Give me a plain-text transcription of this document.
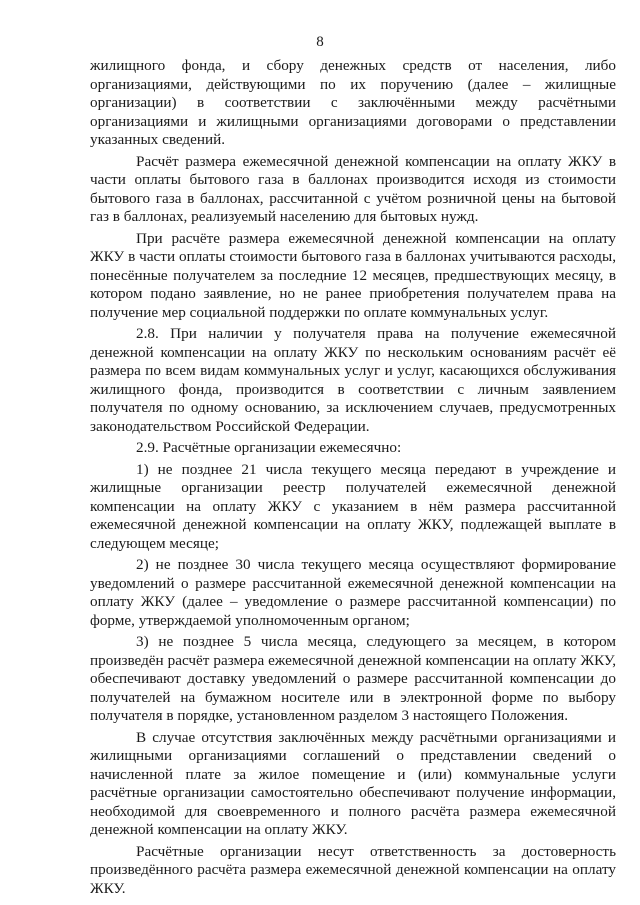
8

жилищного фонда, и сбору денежных средств от населения, либо организациями, действующими по их поручению (далее – жилищные организации) в соответствии с заключёнными между расчётными организациями и жилищными организациями договорами о представлении указанных сведений.

Расчёт размера ежемесячной денежной компенсации на оплату ЖКУ в части оплаты бытового газа в баллонах производится исходя из стоимости бытового газа в баллонах, рассчитанной с учётом розничной цены на бытовой газ в баллонах, реализуемый населению для бытовых нужд.

При расчёте размера ежемесячной денежной компенсации на оплату ЖКУ в части оплаты стоимости бытового газа в баллонах учитываются расходы, понесённые получателем за последние 12 месяцев, предшествующих месяцу, в котором подано заявление, но не ранее приобретения получателем права на получение мер социальной поддержки по оплате коммунальных услуг.

2.8. При наличии у получателя права на получение ежемесячной денежной компенсации на оплату ЖКУ по нескольким основаниям расчёт её размера по всем видам коммунальных услуг и услуг, касающихся обслуживания жилищного фонда, производится в соответствии с личным заявлением получателя по одному основанию, за исключением случаев, предусмотренных законодательством Российской Федерации.

2.9. Расчётные организации ежемесячно:

1) не позднее 21 числа текущего месяца передают в учреждение и жилищные организации реестр получателей ежемесячной денежной компенсации на оплату ЖКУ с указанием в нём размера рассчитанной ежемесячной денежной компенсации на оплату ЖКУ, подлежащей выплате в следующем месяце;

2) не позднее 30 числа текущего месяца осуществляют формирование уведомлений о размере рассчитанной ежемесячной денежной компенсации на оплату ЖКУ (далее – уведомление о размере рассчитанной компенсации) по форме, утверждаемой уполномоченным органом;

3) не позднее 5 числа месяца, следующего за месяцем, в котором произведён расчёт размера ежемесячной денежной компенсации на оплату ЖКУ, обеспечивают доставку уведомлений о размере рассчитанной компенсации до получателей на бумажном носителе или в электронной форме по выбору получателя в порядке, установленном разделом 3 настоящего Положения.

В случае отсутствия заключённых между расчётными организациями и жилищными организациями соглашений о представлении сведений о начисленной плате за жилое помещение и (или) коммунальные услуги расчётные организации самостоятельно обеспечивают получение информации, необходимой для своевременного и полного расчёта размера ежемесячной денежной компенсации на оплату ЖКУ.

Расчётные организации несут ответственность за достоверность произведённого расчёта размера ежемесячной денежной компенсации на оплату ЖКУ.
